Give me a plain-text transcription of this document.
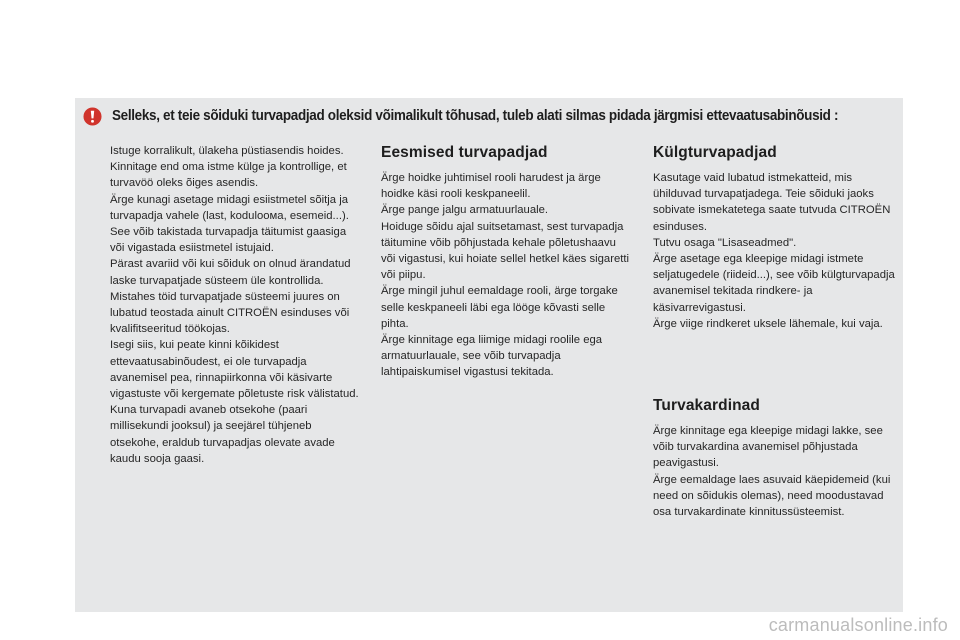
Selleks, et teie sõiduki turvapadjad oleksid võimalikult tõhusad, tuleb alati silmas pidada järgmisi ettevaatusabinõusid :

Istuge korralikult, ülakeha püstiasendis hoides.

Kinnitage end oma istme külge ja kontrollige, et turvavöö oleks õiges asendis.

Ärge kunagi asetage midagi esiistmetel sõitja ja turvapadja vahele (last, koduloома, esemeid...). See võib takistada turvapadja täitumist gaasiga või vigastada esiistmetel istujaid.

Pärast avariid või kui sõiduk on olnud ärandatud laske turvapatjade süsteem üle kontrollida.

Mistahes töid turvapatjade süsteemi juures on lubatud teostada ainult CITROËN esinduses või kvalifitseeritud töökojas.

Isegi siis, kui peate kinni kõikidest ettevaatusabinõudest, ei ole turvapadja avanemisel pea, rinnapiirkonna või käsivarte vigastuste või kergemate põletuste risk välistatud. Kuna turvapadi avaneb otsekohe (paari millisekundi jooksul) ja seejärel tühjeneb otsekohe, eraldub turvapadjas olevate avade kaudu sooja gaasi.

Eesmised turvapadjad

Ärge hoidke juhtimisel rooli harudest ja ärge hoidke käsi rooli keskpaneelil.

Ärge pange jalgu armatuurlauale.

Hoiduge sõidu ajal suitsetamast, sest turvapadja täitumine võib põhjustada kehale põletushaavu või vigastusi, kui hoiate sellel hetkel käes sigaretti või piipu.

Ärge mingil juhul eemaldage rooli, ärge torgake selle keskpaneeli läbi ega lööge kõvasti selle pihta.

Ärge kinnitage ega liimige midagi roolile ega armatuurlauale, see võib turvapadja lahtipaiskumisel vigastusi tekitada.

Külgturvapadjad

Kasutage vaid lubatud istmekatteid, mis ühilduvad turvapatjadega. Teie sõiduki jaoks sobivate ismekatetega saate tutvuda CITROËN esinduses.

Tutvu osaga "Lisaseadmed".

Ärge asetage ega kleepige midagi istmete seljatugedele (riideid...), see võib külgturvapadja avanemisel tekitada rindkere- ja käsivarrevigastusi.

Ärge viige rindkeret uksele lähemale, kui vaja.

Turvakardinad

Ärge kinnitage ega kleepige midagi lakke, see võib turvakardina avanemisel põhjustada peavigastusi.

Ärge eemaldage laes asuvaid käepidemeid (kui need on sõidukis olemas), need moodustavad osa turvakardinate kinnitussüsteemist.

carmanualsonline.info
